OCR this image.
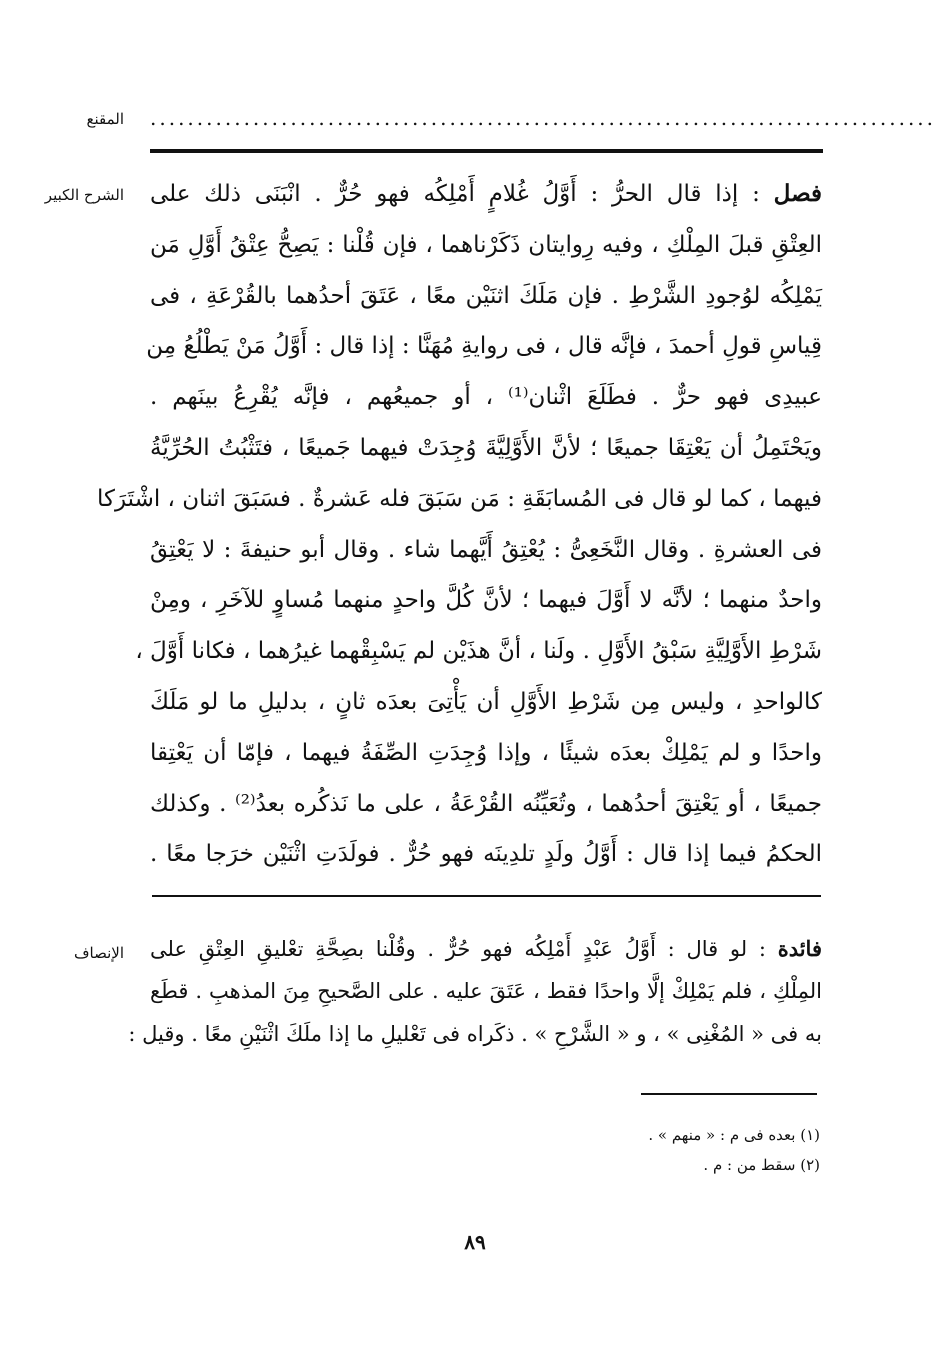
المقنع ....................................................................................
الشرح الكبير	فصل : إذا قال الحرُّ : أَوَّلُ غُلامٍ أَمْلِكُه فهو حُرٌّ . انْبَنَى ذلك على
العِتْقِ قبلَ المِلْكِ ، وفيه رِوايتان ذَكَرْناهما ، فإن قُلْنا : يَصِحُّ عِتْقُ أَوَّلِ مَن
يَمْلِكُه لوُجودِ الشَّرْطِ . فإن مَلَكَ اثنَيْن معًا ، عَتَقَ أحدُهما بالقُرْعَةِ ، فى
قِياسِ قولِ أحمدَ ، فإنَّه قال ، فى روايةِ مُهَنَّا : إذا قال : أَوَّلُ مَنْ يَطْلُعُ مِن
عبيدِى فهو حرٌّ . فطَلَعَ اثْنان⁽¹⁾ ، أو جميعُهم ، فإنَّه يُقْرِعُ بينَهم .
ويَحْتَمِلُ أن يَعْتِقَا جميعًا ؛ لأنَّ الأَوَّلِيَّةَ وُجِدَتْ فيهما جَميعًا ، فتَثْبُتُ الحُرِّيَّةُ
فيهما ، كما لو قال فى المُسابَقَةِ : مَن سَبَقَ فله عَشرةٌ . فسَبَقَ اثنان ، اشْتَرَكا
فى العشرةِ . وقال النَّخَعِىُّ : يُعْتِقُ أَيَّهما شاء . وقال أبو حنيفةَ : لا يَعْتِقُ
واحدٌ منهما ؛ لأنَّه لا أَوَّلَ فيهما ؛ لأنَّ كُلَّ واحدٍ منهما مُساوٍ للآخَرِ ، ومِنْ
شَرْطِ الأَوَّلِيَّةِ سَبْقُ الأَوَّلِ . ولَنا ، أنَّ هذَيْن لم يَسْبِقْهما غيرُهما ، فكانا أَوَّلَ ،
كالواحدِ ، وليس مِن شَرْطِ الأَوَّلِ أن يَأْتِىَ بعدَه ثانٍ ، بدليلِ ما لو مَلَكَ
واحدًا و لم يَمْلِكْ بعدَه شيئًا ، وإذا وُجِدَتِ الصِّفَةُ فيهما ، فإمّا أن يَعْتِقا
جميعًا ، أو يَعْتِقَ أحدُهما ، وتُعَيِّنُه القُرْعَةُ ، على ما نَذكُره بعدُ⁽²⁾ . وكذلك
الحكمُ فيما إذا قال : أَوَّلُ ولَدٍ تلدِينَه فهو حُرٌّ . فولَدَتِ اثْنَيْن خرَجا معًا .
الإنصاف	فائدة : لو قال : أَوَّلُ عَبْدٍ أَمْلِكُه فهو حُرٌّ . وقُلْنا بصِحَّةِ تعْليقِ العِتْقِ على
المِلْكِ ، فلم يَمْلِكْ إلَّا واحدًا فقط ، عَتَقَ عليه . على الصَّحيحِ مِنَ المذهبِ . قطَع
به فى « المُغْنِى » ، و « الشَّرْحِ » . ذكَراه فى تَعْليلِ ما إذا ملَكَ اثْنَيْنِ معًا . وقيل :
(١) بعده فى م : « منهم » .
(٢) سقط من : م .
٨٩
